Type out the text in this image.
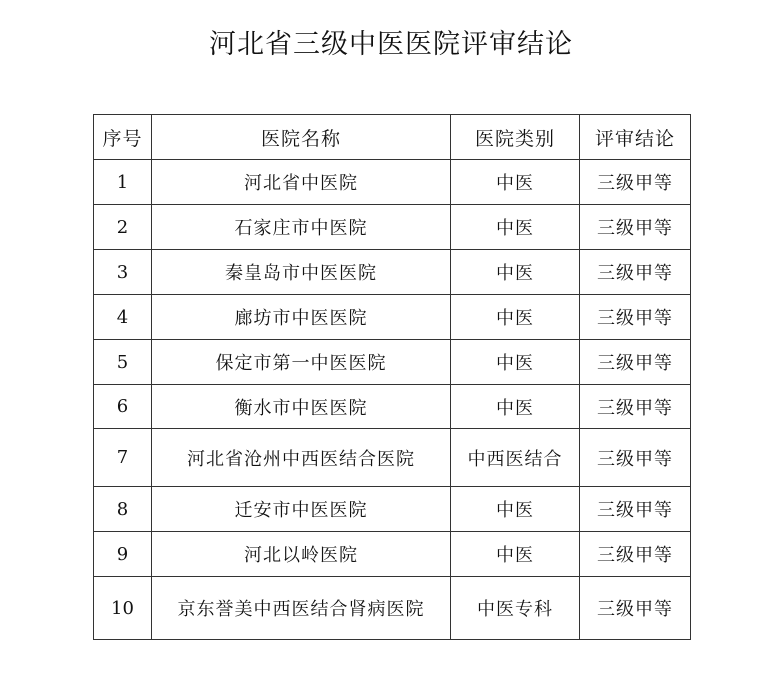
河北省三级中医医院评审结论
序号	医院名称	医院类别	评审结论
1	河北省中医院	中医	三级甲等
2	石家庄市中医院	中医	三级甲等
3	秦皇岛市中医医院	中医	三级甲等
4	廊坊市中医医院	中医	三级甲等
5	保定市第一中医医院	中医	三级甲等
6	衡水市中医医院	中医	三级甲等
7	河北省沧州中西医结合医院	中西医结合	三级甲等
8	迁安市中医医院	中医	三级甲等
9	河北以岭医院	中医	三级甲等
10	京东誉美中西医结合肾病医院	中医专科	三级甲等
